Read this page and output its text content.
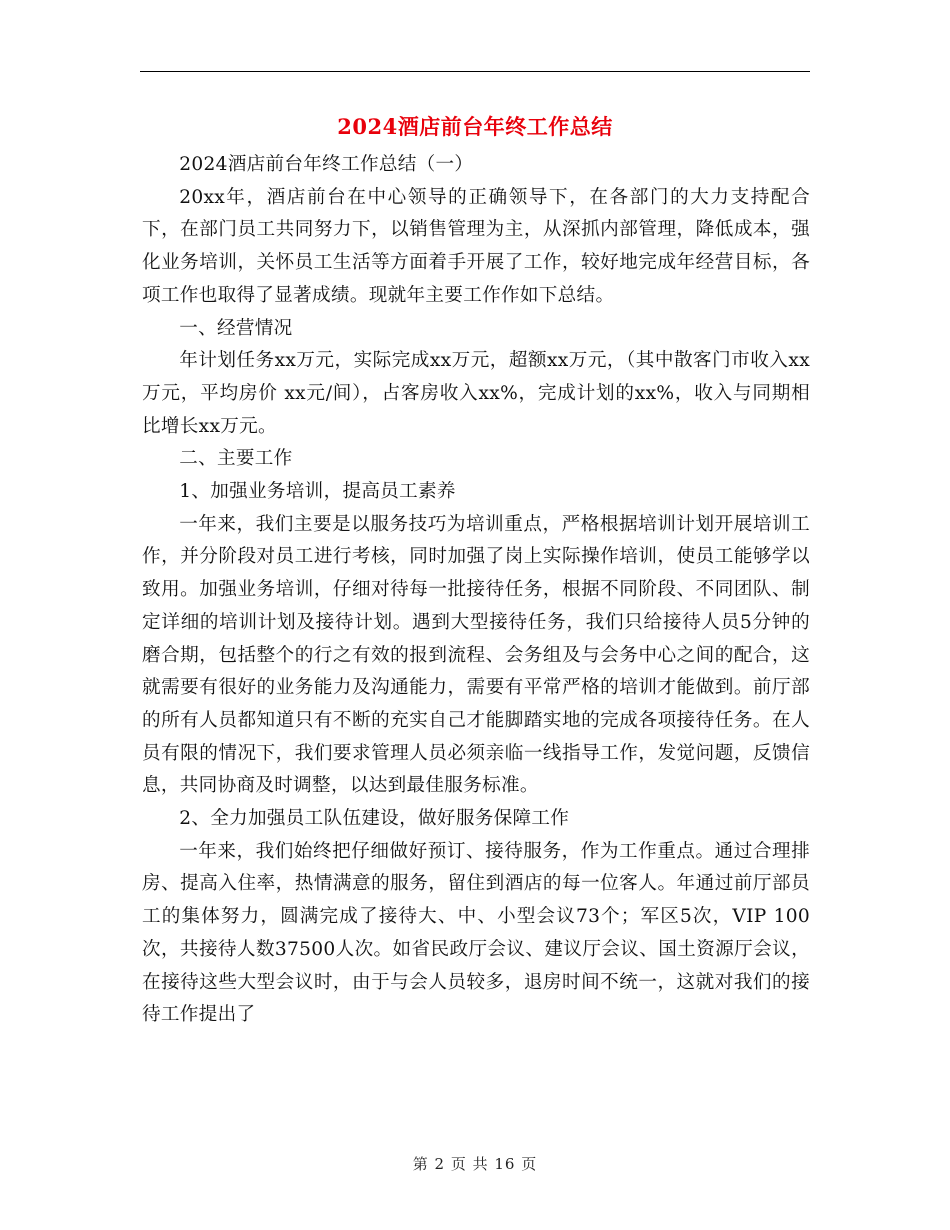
2024酒店前台年终工作总结

2024酒店前台年终工作总结（一）

20xx年，酒店前台在中心领导的正确领导下，在各部门的大力支持配合下，在部门员工共同努力下，以销售管理为主，从深抓内部管理，降低成本，强化业务培训，关怀员工生活等方面着手开展了工作，较好地完成年经营目标，各项工作也取得了显著成绩。现就年主要工作作如下总结。

一、经营情况

年计划任务xx万元，实际完成xx万元，超额xx万元，（其中散客门市收入xx万元，平均房价 xx元/间），占客房收入xx%，完成计划的xx%，收入与同期相比增长xx万元。

二、主要工作

1、加强业务培训，提高员工素养

一年来，我们主要是以服务技巧为培训重点，严格根据培训计划开展培训工作，并分阶段对员工进行考核，同时加强了岗上实际操作培训，使员工能够学以致用。加强业务培训，仔细对待每一批接待任务，根据不同阶段、不同团队、制定详细的培训计划及接待计划。遇到大型接待任务，我们只给接待人员5分钟的磨合期，包括整个的行之有效的报到流程、会务组及与会务中心之间的配合，这就需要有很好的业务能力及沟通能力，需要有平常严格的培训才能做到。前厅部的所有人员都知道只有不断的充实自己才能脚踏实地的完成各项接待任务。在人员有限的情况下，我们要求管理人员必须亲临一线指导工作，发觉问题，反馈信息，共同协商及时调整，以达到最佳服务标准。

2、全力加强员工队伍建设，做好服务保障工作

一年来，我们始终把仔细做好预订、接待服务，作为工作重点。通过合理排房、提高入住率，热情满意的服务，留住到酒店的每一位客人。年通过前厅部员工的集体努力，圆满完成了接待大、中、小型会议73个；军区5次，VIP 100次，共接待人数37500人次。如省民政厅会议、建议厅会议、国土资源厅会议，在接待这些大型会议时，由于与会人员较多，退房时间不统一，这就对我们的接待工作提出了

第 2 页 共 16 页
